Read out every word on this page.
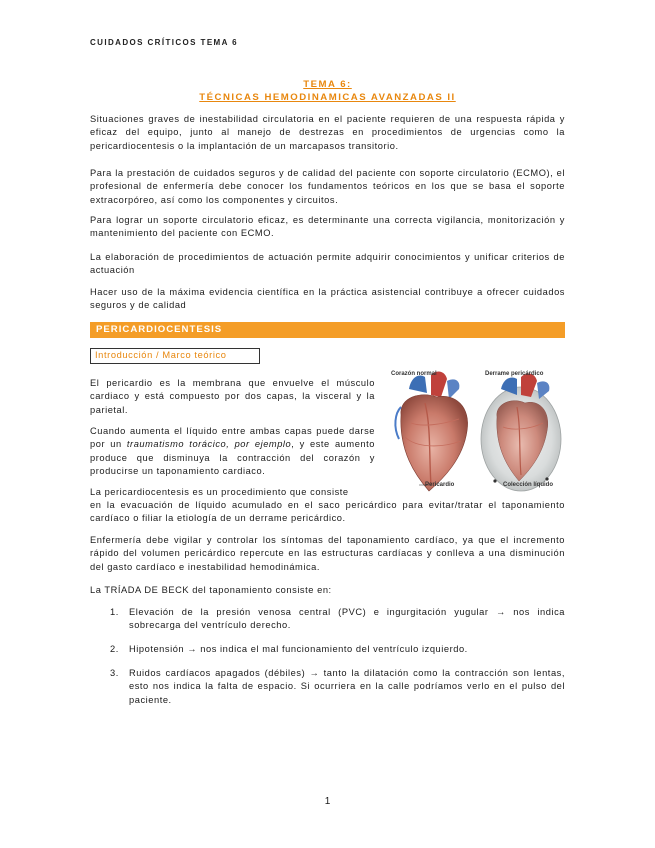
CUIDADOS CRÍTICOS TEMA 6
TEMA 6:
TÉCNICAS HEMODINAMICAS AVANZADAS II

Situaciones graves de inestabilidad circulatoria en el paciente requieren de una respuesta rápida y eficaz del equipo, junto al manejo de destrezas en procedimientos de urgencias como la pericardiocentesis o la implantación de un marcapasos transitorio.

Para la prestación de cuidados seguros y de calidad del paciente con soporte circulatorio (ECMO), el profesional de enfermería debe conocer los fundamentos teóricos en los que se basa el soporte extracorpóreo, así como los componentes y circuitos.

Para lograr un soporte circulatorio eficaz, es determinante una correcta vigilancia, monitorización y mantenimiento del paciente con ECMO.

La elaboración de procedimientos de actuación permite adquirir conocimientos y unificar criterios de actuación

Hacer uso de la máxima evidencia científica en la práctica asistencial contribuye a ofrecer cuidados seguros y de calidad

PERICARDIOCENTESIS
Introducción / Marco teórico
Corazón normal	Derrame pericárdico
Pericardio	Colección líquido

El pericardio es la membrana que envuelve el músculo cardiaco y está compuesto por dos capas, la visceral y la parietal.

Cuando aumenta el líquido entre ambas capas puede darse por un traumatismo torácico, por ejemplo, y este aumento produce que disminuya la contracción del corazón y producirse un taponamiento cardiaco.

La pericardiocentesis es un procedimiento que consiste

en la evacuación de líquido acumulado en el saco pericárdico para evitar/tratar el taponamiento cardíaco o filiar la etiología de un derrame pericárdico.

Enfermería debe vigilar y controlar los síntomas del taponamiento cardíaco, ya que el incremento rápido del volumen pericárdico repercute en las estructuras cardíacas y conlleva a una disminución del gasto cardíaco e inestabilidad hemodinámica.

La TRÍADA DE BECK del taponamiento consiste en:

1. Elevación de la presión venosa central (PVC) e ingurgitación yugular → nos indica sobrecarga del ventrículo derecho.
2. Hipotensión → nos indica el mal funcionamiento del ventrículo izquierdo.
3. Ruidos cardíacos apagados (débiles) → tanto la dilatación como la contracción son lentas, esto nos indica la falta de espacio. Si ocurriera en la calle podríamos verlo en el pulso del paciente.
1
